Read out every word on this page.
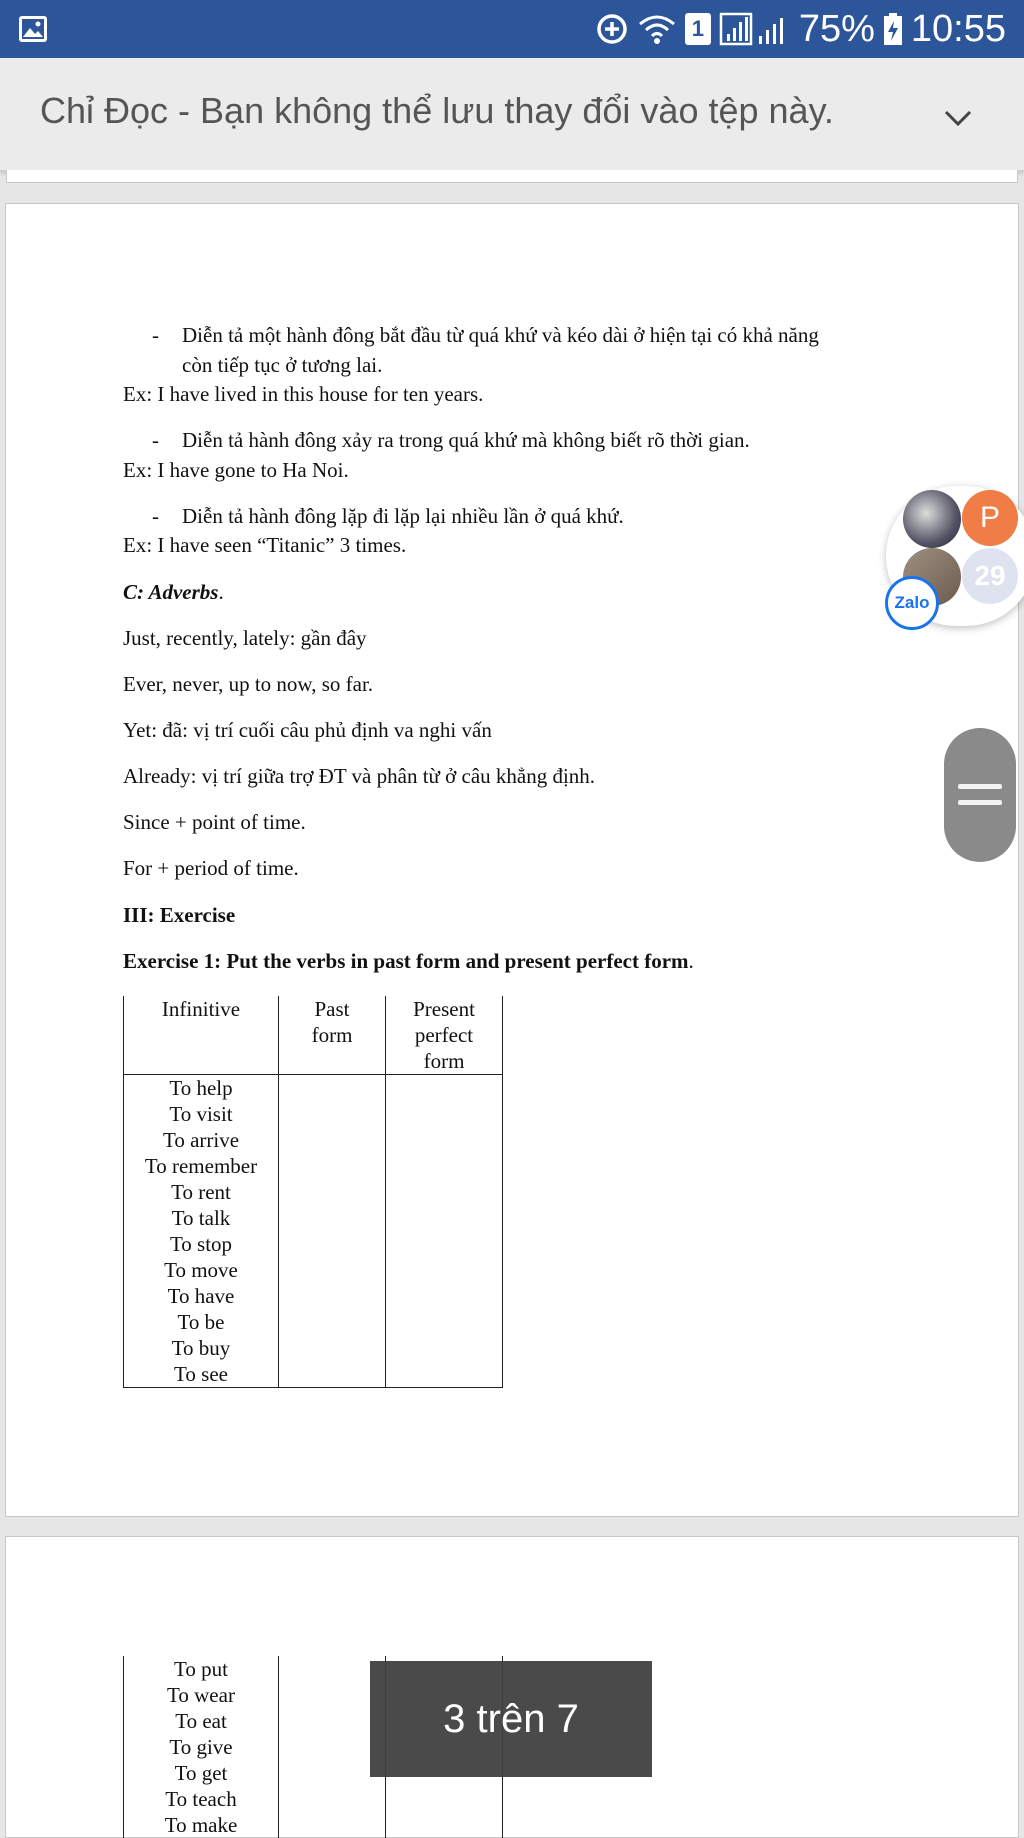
1 75% 10:55
Chỉ Đọc - Bạn không thể lưu thay đổi vào tệp này.
- Diễn tả một hành đông bắt đầu từ quá khứ và kéo dài ở hiện tại có khả năng
còn tiếp tục ở tương lai.
Ex: I have lived in this house for ten years.
- Diễn tả hành đông xảy ra trong quá khứ mà không biết rõ thời gian.
Ex: I have gone to Ha Noi.
- Diễn tả hành đông lặp đi lặp lại nhiều lần ở quá khứ.
Ex: I have seen “Titanic” 3 times.
C: Adverbs.
Just, recently, lately: gần đây
Ever, never, up to now, so far.
Yet: đã: vị trí cuối câu phủ định va nghi vấn
Already: vị trí giữa trợ ĐT và phân từ ở câu khẳng định.
Since + point of time.
For + period of time.
III: Exercise
Exercise 1: Put the verbs in past form and present perfect form.
Infinitive	Past form	Present perfect form
To help		
To visit		
To arrive		
To remember		
To rent		
To talk		
To stop		
To move		
To have		
To be		
To buy		
To see		
P
29
Zalo
To put		
To wear		
To eat		
To give		
To get		
To teach		
To make		
3 trên 7
